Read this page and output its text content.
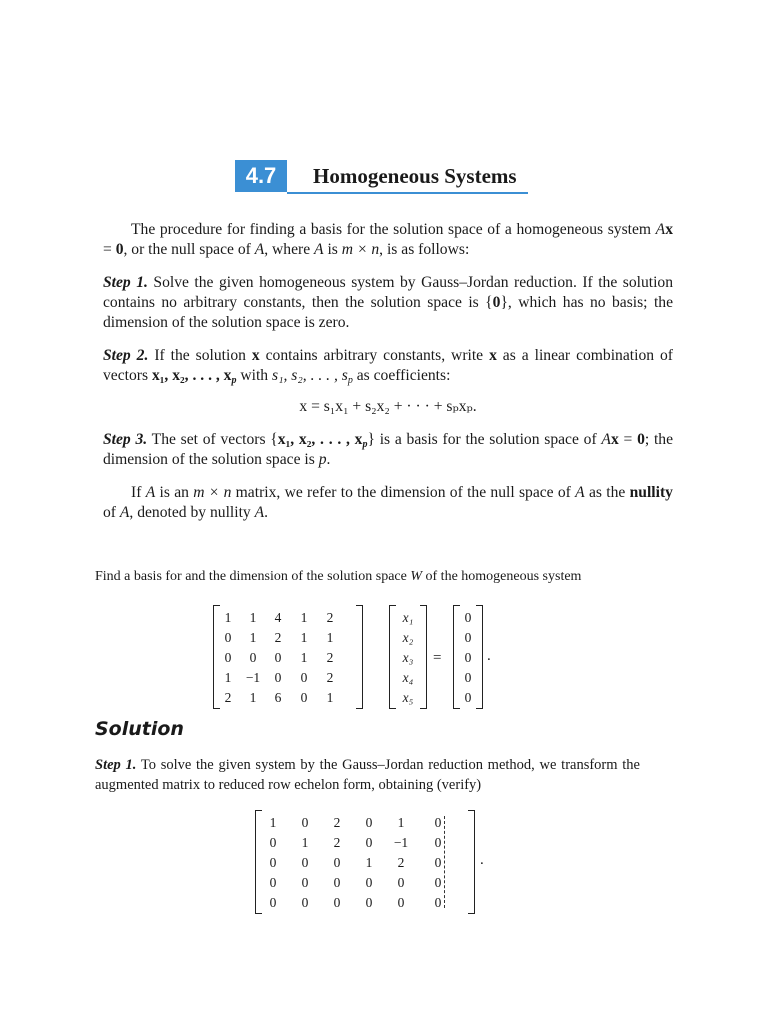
4.7	Homogeneous Systems
The procedure for finding a basis for the solution space of a homogeneous system Ax = 0, or the null space of A, where A is m × n, is as follows:
Step 1. Solve the given homogeneous system by Gauss–Jordan reduction. If the solution contains no arbitrary constants, then the solution space is {0}, which has no basis; the dimension of the solution space is zero.
Step 2. If the solution x contains arbitrary constants, write x as a linear combination of vectors x₁, x₂, . . . , $x_p$ with s₁, s₂, . . . , $s_p$ as coefficients:
x = s₁x₁ + s₂x₂ + · · · + sₚxₚ.
Step 3. The set of vectors {x₁, x₂, . . . , $x_p$} is a basis for the solution space of Ax = 0; the dimension of the solution space is p.
If A is an m × n matrix, we refer to the dimension of the null space of A as the nullity of A, denoted by nullity A.
Find a basis for and the dimension of the solution space W of the homogeneous system
1	1	4	1	2
0	1	2	1	1
0	0	0	1	2
1	−1	0	0	2
2	1	6	0	1
x₁
x₂
x₃
x₄
x₅
=
0
0
0
0
0
.
Solution
Step 1. To solve the given system by the Gauss–Jordan reduction method, we transform the augmented matrix to reduced row echelon form, obtaining (verify)
1	0	2	0	1	0
0	1	2	0	−1	0
0	0	0	1	2	0
0	0	0	0	0	0
0	0	0	0	0	0
.
